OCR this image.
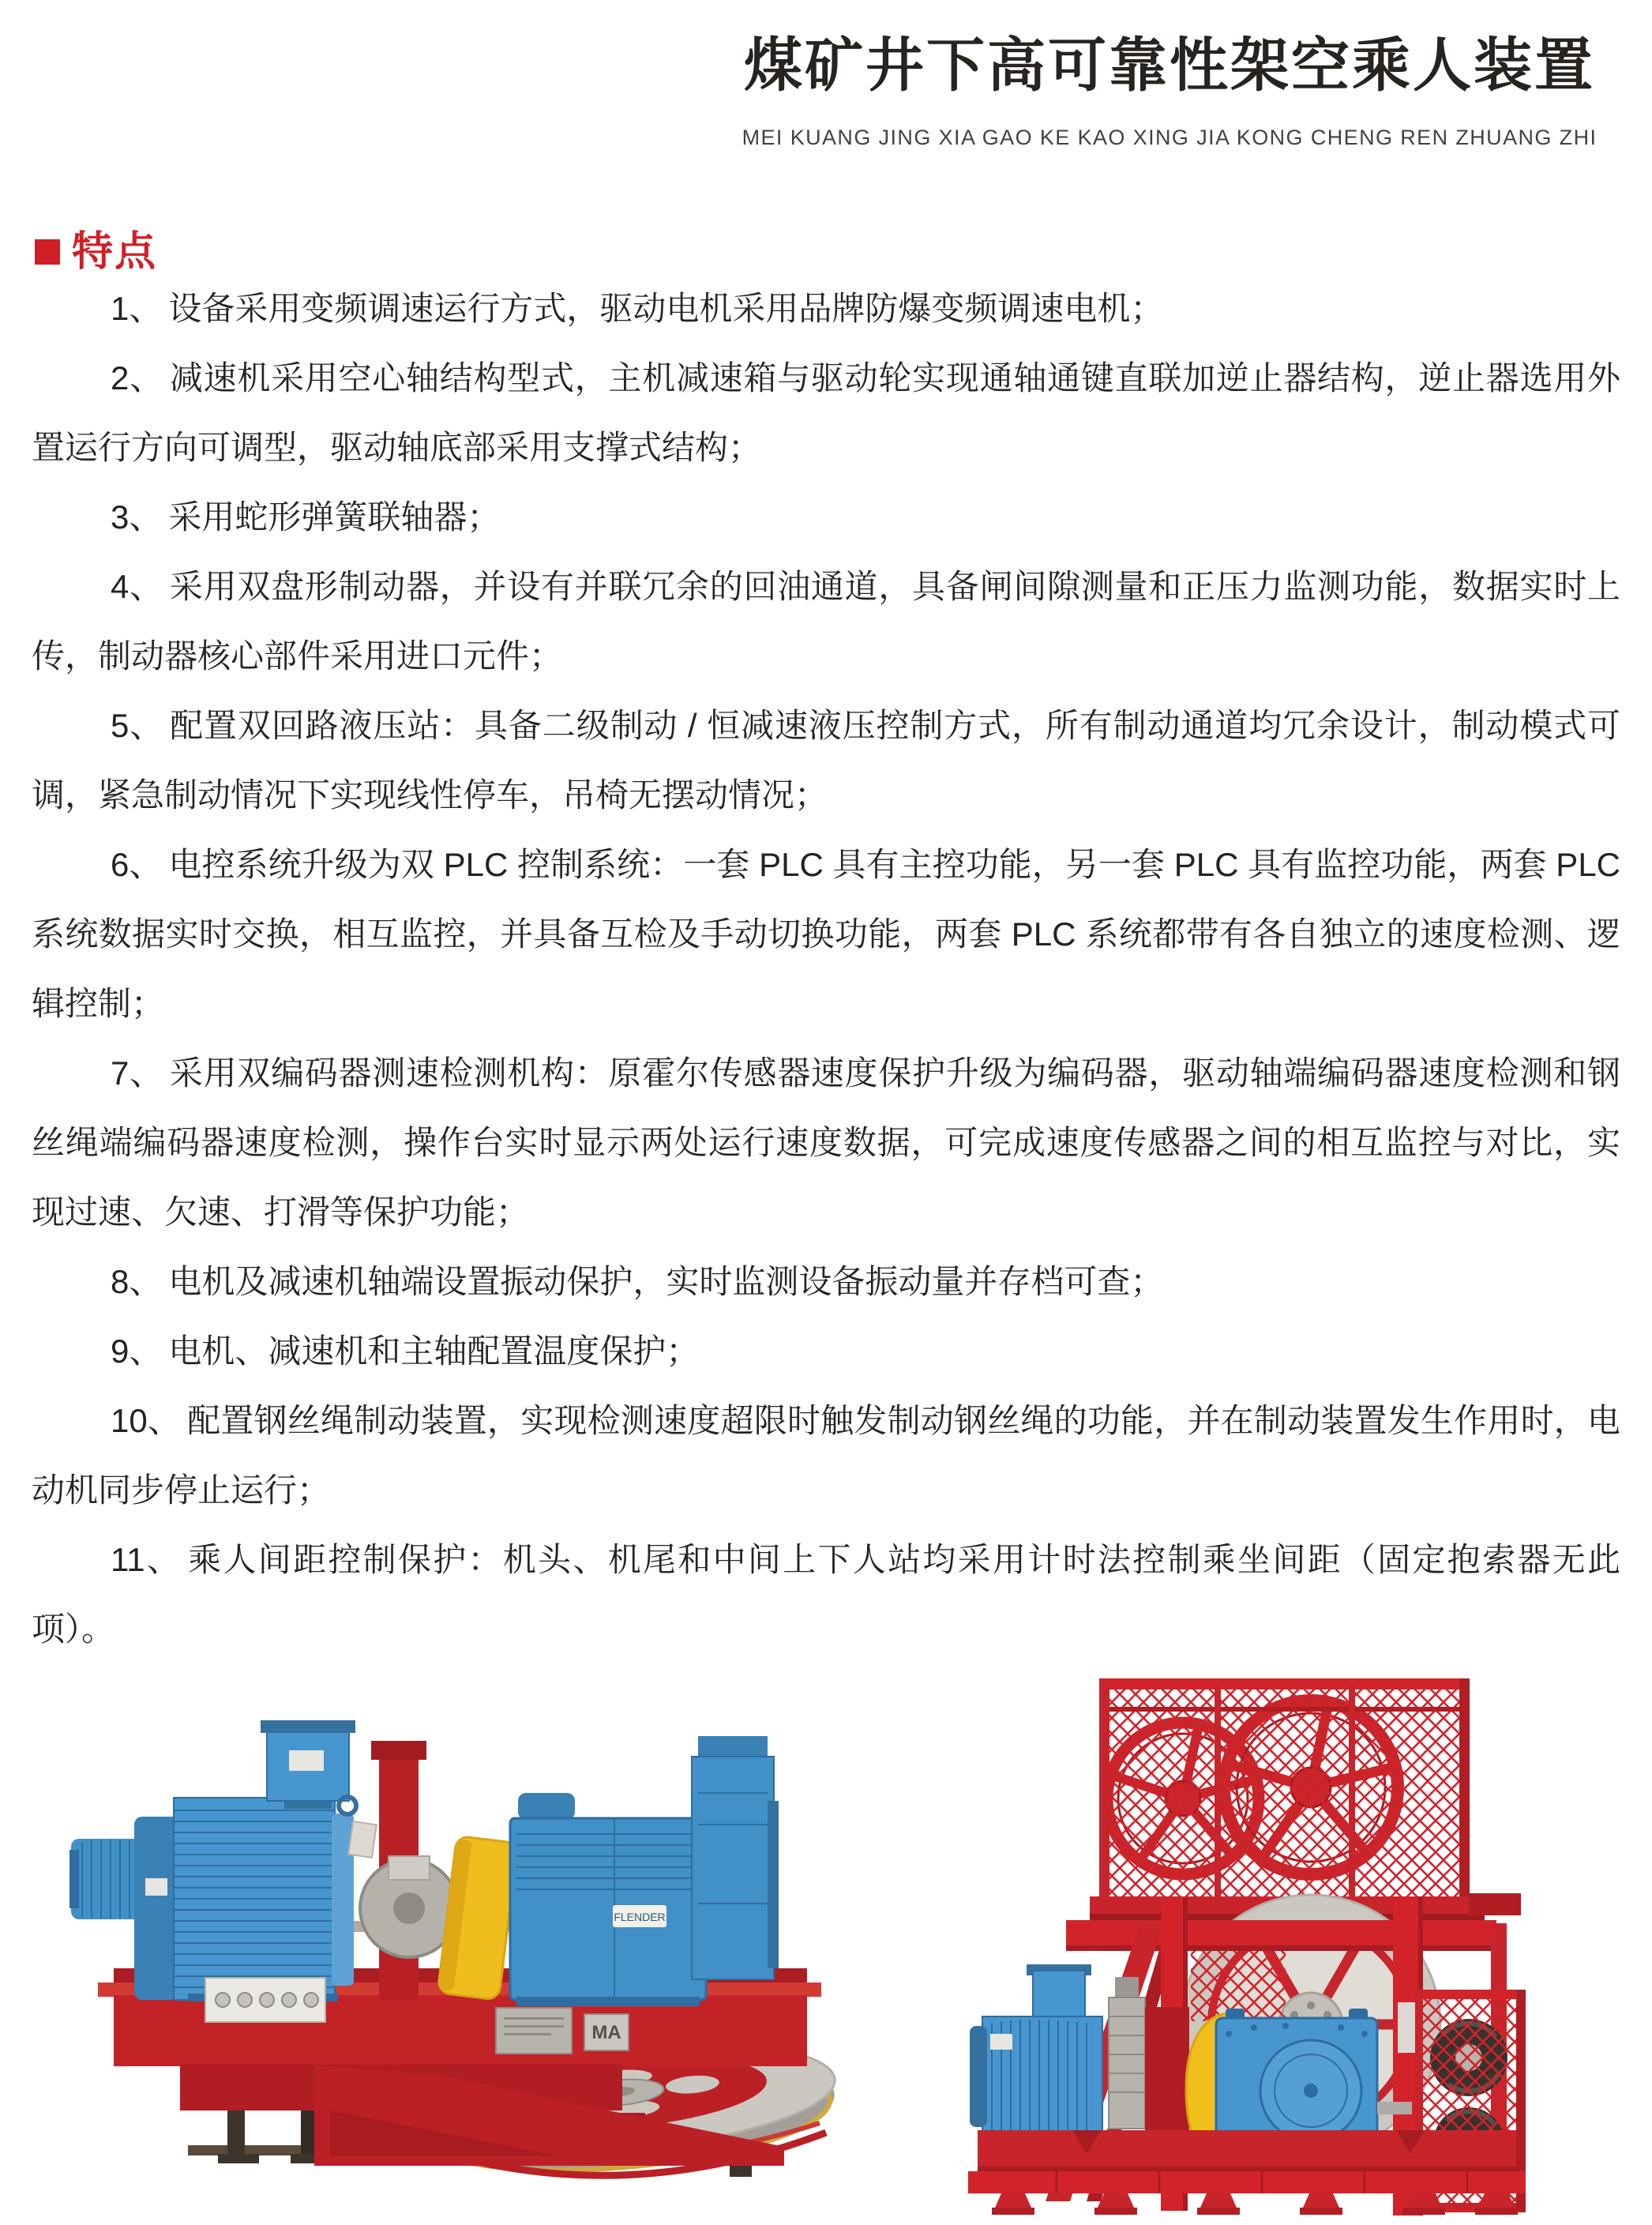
煤矿井下高可靠性架空乘人装置
MEI KUANG JING XIA GAO KE KAO XING JIA KONG CHENG REN ZHUANG ZHI
特点

1、 设备采用变频调速运行方式，驱动电机采用品牌防爆变频调速电机；

2、 减速机采用空心轴结构型式，主机减速箱与驱动轮实现通轴通键直联加逆止器结构，逆止器选用外置运行方向可调型，驱动轴底部采用支撑式结构；

3、 采用蛇形弹簧联轴器；

4、 采用双盘形制动器，并设有并联冗余的回油通道，具备闸间隙测量和正压力监测功能，数据实时上传，制动器核心部件采用进口元件；

5、 配置双回路液压站：具备二级制动 / 恒减速液压控制方式，所有制动通道均冗余设计，制动模式可调，紧急制动情况下实现线性停车，吊椅无摆动情况；

6、 电控系统升级为双 PLC 控制系统：一套 PLC 具有主控功能，另一套 PLC 具有监控功能，两套 PLC 系统数据实时交换，相互监控，并具备互检及手动切换功能，两套 PLC 系统都带有各自独立的速度检测、逻辑控制；

7、 采用双编码器测速检测机构：原霍尔传感器速度保护升级为编码器，驱动轴端编码器速度检测和钢丝绳端编码器速度检测，操作台实时显示两处运行速度数据，可完成速度传感器之间的相互监控与对比，实现过速、欠速、打滑等保护功能；

8、 电机及减速机轴端设置振动保护，实时监测设备振动量并存档可查；

9、 电机、减速机和主轴配置温度保护；

10、 配置钢丝绳制动装置，实现检测速度超限时触发制动钢丝绳的功能，并在制动装置发生作用时，电动机同步停止运行；

11、 乘人间距控制保护：机头、机尾和中间上下人站均采用计时法控制乘坐间距（固定抱索器无此项）。

MA
FLENDER
